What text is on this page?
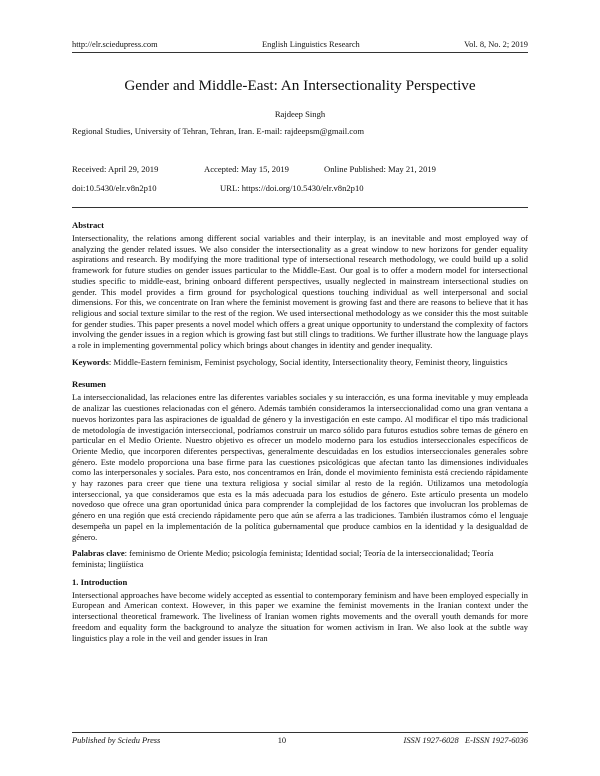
http://elr.sciedupress.com	English Linguistics Research	Vol. 8, No. 2; 2019
Gender and Middle-East: An Intersectionality Perspective
Rajdeep Singh
Regional Studies, University of Tehran, Tehran, Iran. E-mail: rajdeepsm@gmail.com
Received: April 29, 2019	Accepted: May 15, 2019	Online Published: May 21, 2019
doi:10.5430/elr.v8n2p10	URL: https://doi.org/10.5430/elr.v8n2p10
Abstract

Intersectionality, the relations among different social variables and their interplay, is an inevitable and most employed way of analyzing the gender related issues. We also consider the intersectionality as a great window to new horizons for gender equality aspirations and research. By modifying the more traditional type of intersectional research methodology, we could build up a solid framework for future studies on gender issues particular to the Middle-East. Our goal is to offer a modern model for intersectional studies specific to middle-east, brining onboard different perspectives, usually neglected in mainstream intersectional studies on gender. This model provides a firm ground for psychological questions touching individual as well interpersonal and social dimensions. For this, we concentrate on Iran where the feminist movement is growing fast and there are reasons to believe that it has religious and social texture similar to the rest of the region. We used intersectional methodology as we consider this the most suitable for gender studies. This paper presents a novel model which offers a great unique opportunity to understand the complexity of factors involving the gender issues in a region which is growing fast but still clings to traditions. We further illustrate how the language plays a role in implementing governmental policy which brings about changes in identity and gender inequality.

Keywords: Middle-Eastern feminism, Feminist psychology, Social identity, Intersectionality theory, Feminist theory, linguistics
Resumen

La interseccionalidad, las relaciones entre las diferentes variables sociales y su interacción, es una forma inevitable y muy empleada de analizar las cuestiones relacionadas con el género. Además también consideramos la interseccionalidad como una gran ventana a nuevos horizontes para las aspiraciones de igualdad de género y la investigación en este campo. Al modificar el tipo más tradicional de metodología de investigación interseccional, podríamos construir un marco sólido para futuros estudios sobre temas de género en particular en el Medio Oriente. Nuestro objetivo es ofrecer un modelo moderno para los estudios interseccionales específicos de Oriente Medio, que incorporen diferentes perspectivas, generalmente descuidadas en los estudios interseccionales generales sobre género. Este modelo proporciona una base firme para las cuestiones psicológicas que afectan tanto las dimensiones individuales como las interpersonales y sociales. Para esto, nos concentramos en Irán, donde el movimiento feminista está creciendo rápidamente y hay razones para creer que tiene una textura religiosa y social similar al resto de la región. Utilizamos una metodología interseccional, ya que consideramos que esta es la más adecuada para los estudios de género. Este artículo presenta un modelo novedoso que ofrece una gran oportunidad única para comprender la complejidad de los factores que involucran los problemas de género en una región que está creciendo rápidamente pero que aún se aferra a las tradiciones. También ilustramos cómo el lenguaje desempeña un papel en la implementación de la política gubernamental que produce cambios en la identidad y la desigualdad de género.

Palabras clave: feminismo de Oriente Medio; psicología feminista; Identidad social; Teoría de la interseccionalidad; Teoría feminista; lingüística
1. Introduction

Intersectional approaches have become widely accepted as essential to contemporary feminism and have been employed especially in European and American context. However, in this paper we examine the feminist movements in the Iranian context under the intersectional theoretical framework. The liveliness of Iranian women rights movements and the overall youth demands for more freedom and equality form the background to analyze the situation for women activism in Iran. We also look at the subtle way linguistics play a role in the veil and gender issues in Iran

Published by Sciedu Press	10	ISSN 1927-6028 E-ISSN 1927-6036
